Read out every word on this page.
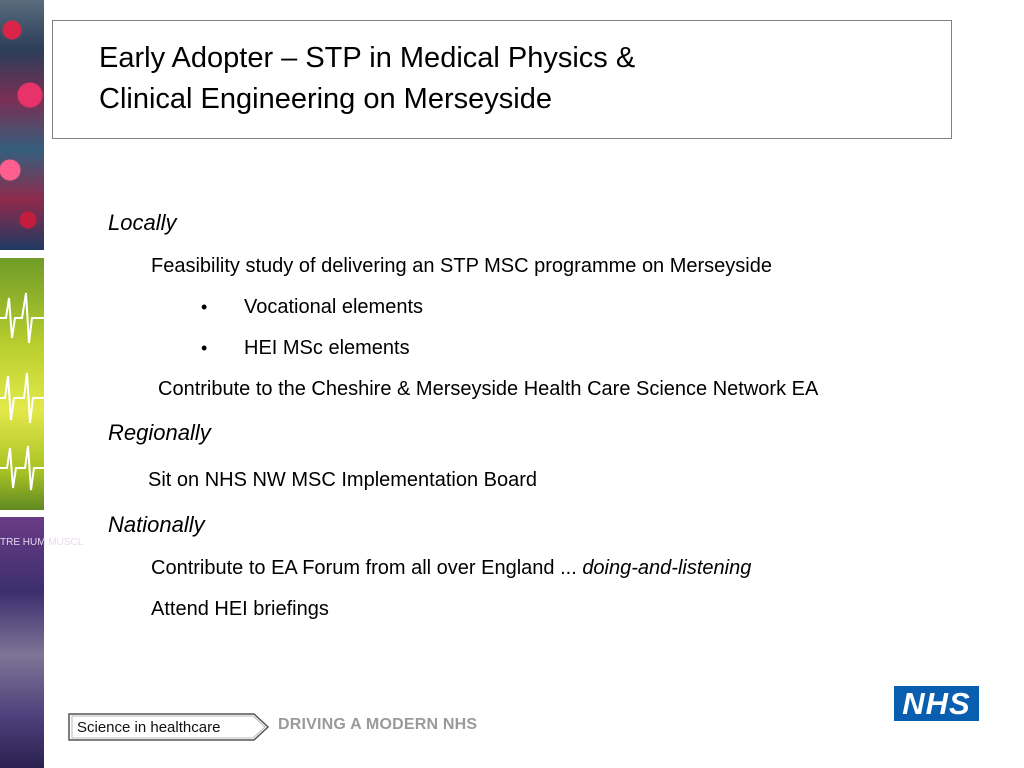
TRE HUM MUSCL
Early Adopter – STP in Medical Physics &
Clinical Engineering on Merseyside
Locally
Feasibility study of delivering an STP MSC programme on Merseyside
• Vocational elements
• HEI MSc elements
Contribute to the Cheshire & Merseyside Health Care Science Network EA
Regionally
Sit on NHS NW MSC Implementation Board
Nationally
Contribute to EA Forum from all over England ... doing-and-listening
Attend HEI briefings
Science in healthcare	DRIVING A MODERN NHS
NHS
